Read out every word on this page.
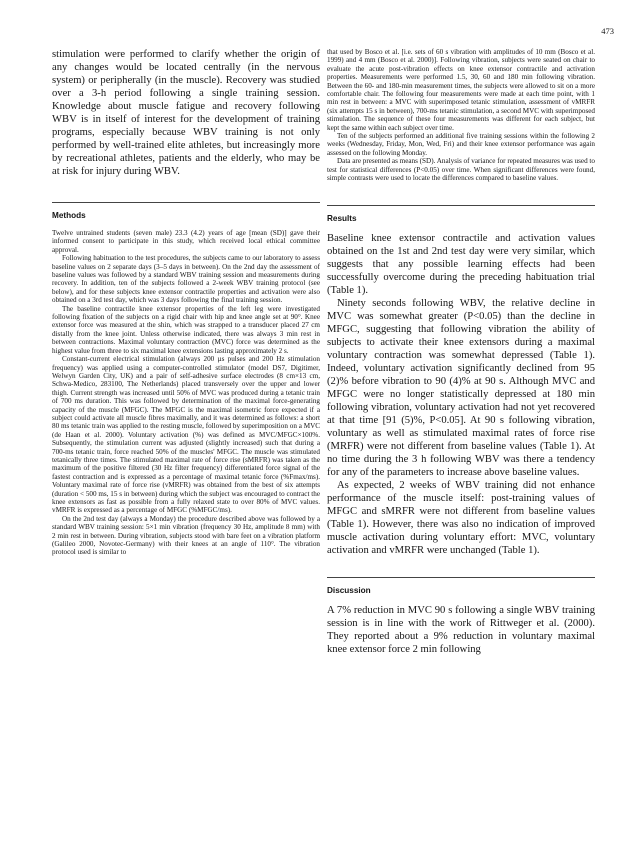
473

stimulation were performed to clarify whether the origin of any changes would be located centrally (in the nervous system) or peripherally (in the muscle). Recovery was studied over a 3-h period following a single training session. Knowledge about muscle fatigue and recovery following WBV is in itself of interest for the development of training programs, especially because WBV training is not only performed by well-trained elite athletes, but increasingly more by recreational athletes, patients and the elderly, who may be at risk for injury during WBV.

Methods

Twelve untrained students (seven male) 23.3 (4.2) years of age [mean (SD)] gave their informed consent to participate in this study, which received local ethical committee approval.

Following habituation to the test procedures, the subjects came to our laboratory to assess baseline values on 2 separate days (3–5 days in between). On the 2nd day the assessment of baseline values was followed by a standard WBV training session and measurements during recovery. In addition, ten of the subjects followed a 2-week WBV training protocol (see below), and for these subjects knee extensor contractile properties and activation were also obtained on a 3rd test day, which was 3 days following the final training session.

The baseline contractile knee extensor properties of the left leg were investigated following fixation of the subjects on a rigid chair with hip and knee angle set at 90°. Knee extensor force was measured at the shin, which was strapped to a transducer placed 27 cm distally from the knee joint. Unless otherwise indicated, there was always 3 min rest in between contractions. Maximal voluntary contraction (MVC) force was determined as the highest value from three to six maximal knee extensions lasting approximately 2 s.

Constant-current electrical stimulation (always 200 µs pulses and 200 Hz stimulation frequency) was applied using a computer-controlled stimulator (model DS7, Digitimer, Welwyn Garden City, UK) and a pair of self-adhesive surface electrodes (8 cm×13 cm, Schwa-Medico, 283100, The Netherlands) placed transversely over the upper and lower thigh. Current strength was increased until 50% of MVC was produced during a tetanic train of 700 ms duration. This was followed by determination of the maximal force-generating capacity of the muscle (MFGC). The MFGC is the maximal isometric force expected if a subject could activate all muscle fibres maximally, and it was determined as follows: a short 80 ms tetanic train was applied to the resting muscle, followed by superimposition on a MVC (de Haan et al. 2000). Voluntary activation (%) was defined as MVC/MFGC×100%. Subsequently, the stimulation current was adjusted (slightly increased) such that during a 700-ms tetanic train, force reached 50% of the muscles' MFGC. The muscle was stimulated tetanically three times. The stimulated maximal rate of force rise (sMRFR) was taken as the maximum of the positive filtered (30 Hz filter frequency) differentiated force signal of the fastest contraction and is expressed as a percentage of maximal tetanic force (%Fmax/ms). Voluntary maximal rate of force rise (vMRFR) was obtained from the best of six attempts (duration < 500 ms, 15 s in between) during which the subject was encouraged to contract the knee extensors as fast as possible from a fully relaxed state to over 80% of MVC values. vMRFR is expressed as a percentage of MFGC (%MFGC/ms).

On the 2nd test day (always a Monday) the procedure described above was followed by a standard WBV training session: 5×1 min vibration (frequency 30 Hz, amplitude 8 mm) with 2 min rest in between. During vibration, subjects stood with bare feet on a vibration platform (Galileo 2000, Novotec-Germany) with their knees at an angle of 110°. The vibration protocol used is similar to

that used by Bosco et al. [i.e. sets of 60 s vibration with amplitudes of 10 mm (Bosco et al. 1999) and 4 mm (Bosco et al. 2000)]. Following vibration, subjects were seated on chair to evaluate the acute post-vibration effects on knee extensor contractile and activation properties. Measurements were performed 1.5, 30, 60 and 180 min following vibration. Between the 60- and 180-min measurement times, the subjects were allowed to sit on a more comfortable chair. The following four measurements were made at each time point, with 1 min rest in between: a MVC with superimposed tetanic stimulation, assessment of vMRFR (six attempts 15 s in between), 700-ms tetanic stimulation, a second MVC with superimposed stimulation. The sequence of these four measurements was different for each subject, but kept the same within each subject over time.

Ten of the subjects performed an additional five training sessions within the following 2 weeks (Wednesday, Friday, Mon, Wed, Fri) and their knee extensor performance was again assessed on the following Monday.

Data are presented as means (SD). Analysis of variance for repeated measures was used to test for statistical differences (P<0.05) over time. When significant differences were found, simple contrasts were used to locate the differences compared to baseline values.

Results

Baseline knee extensor contractile and activation values obtained on the 1st and 2nd test day were very similar, which suggests that any possible learning effects had been successfully overcome during the preceding habituation trial (Table 1).

Ninety seconds following WBV, the relative decline in MVC was somewhat greater (P<0.05) than the decline in MFGC, suggesting that following vibration the ability of subjects to activate their knee extensors during a maximal voluntary contraction was somewhat depressed (Table 1). Indeed, voluntary activation significantly declined from 95 (2)% before vibration to 90 (4)% at 90 s. Although MVC and MFGC were no longer statistically depressed at 180 min following vibration, voluntary activation had not yet recovered at that time [91 (5)%, P<0.05]. At 90 s following vibration, voluntary as well as stimulated maximal rates of force rise (MRFR) were not different from baseline values (Table 1). At no time during the 3 h following WBV was there a tendency for any of the parameters to increase above baseline values.

As expected, 2 weeks of WBV training did not enhance performance of the muscle itself: post-training values of MFGC and sMRFR were not different from baseline values (Table 1). However, there was also no indication of improved muscle activation during voluntary effort: MVC, voluntary activation and vMRFR were unchanged (Table 1).

Discussion

A 7% reduction in MVC 90 s following a single WBV training session is in line with the work of Rittweger et al. (2000). They reported about a 9% reduction in voluntary maximal knee extensor force 2 min following
